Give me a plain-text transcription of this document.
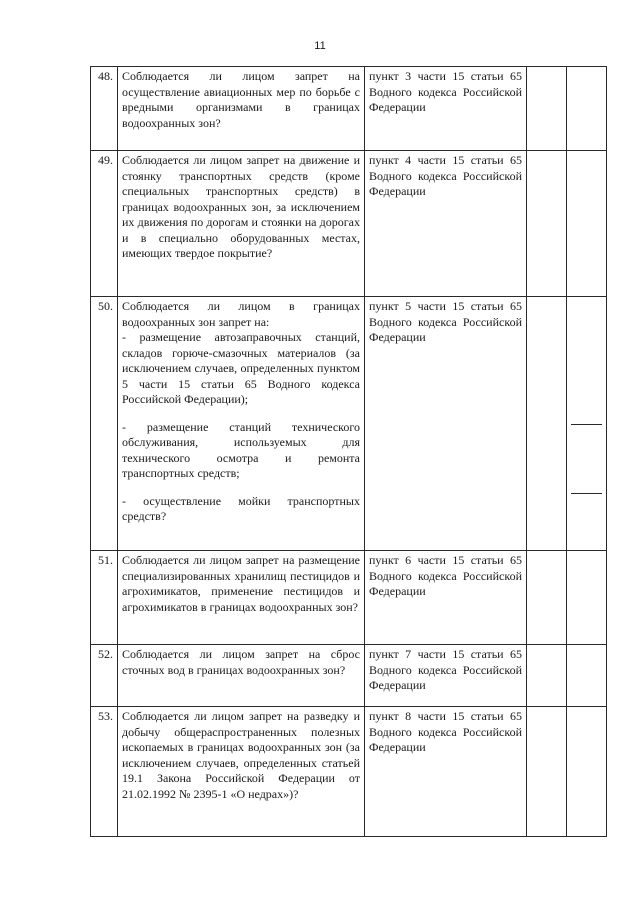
11
48.	Соблюдается ли лицом запрет на осуществление авиационных мер по борьбе с вредными организмами в границах водоохранных зон?	пункт 3 части 15 статьи 65 Водного кодекса Российской Федерации		
49.	Соблюдается ли лицом запрет на движение и стоянку транспортных средств (кроме специальных транспортных средств) в границах водоохранных зон, за исключением их движения по дорогам и стоянки на дорогах и в специально оборудованных местах, имеющих твердое покрытие?	пункт 4 части 15 статьи 65 Водного кодекса Российской Федерации		
50.	Соблюдается ли лицом в границах водоохранных зон запрет на:
- размещение автозаправочных станций, складов горюче-смазочных материалов (за исключением случаев, определенных пунктом 5 части 15 статьи 65 Водного кодекса Российской Федерации);
- размещение станций технического обслуживания, используемых для технического осмотра и ремонта транспортных средств;
- осуществление мойки транспортных средств?	пункт 5 части 15 статьи 65 Водного кодекса Российской Федерации		

51.	Соблюдается ли лицом запрет на размещение специализированных хранилищ пестицидов и агрохимикатов, применение пестицидов и агрохимикатов в границах водоохранных зон?	пункт 6 части 15 статьи 65 Водного кодекса Российской Федерации		
52.	Соблюдается ли лицом запрет на сброс сточных вод в границах водоохранных зон?	пункт 7 части 15 статьи 65 Водного кодекса Российской Федерации		
53.	Соблюдается ли лицом запрет на разведку и добычу общераспространенных полезных ископаемых в границах водоохранных зон (за исключением случаев, определенных статьей 19.1 Закона Российской Федерации от 21.02.1992 № 2395-1 «О недрах»)?	пункт 8 части 15 статьи 65 Водного кодекса Российской Федерации		
